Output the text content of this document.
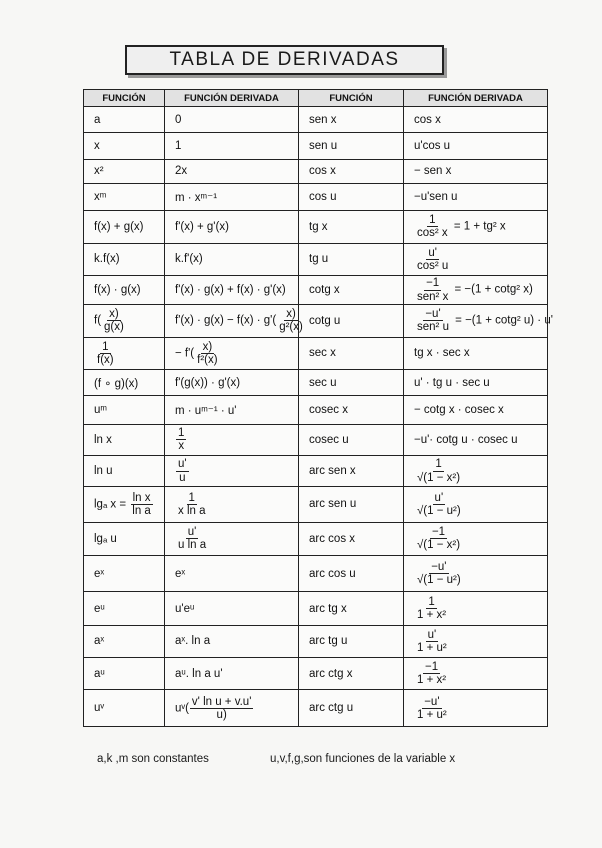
TABLA DE DERIVADAS
FUNCIÓN	FUNCIÓN DERIVADA	FUNCIÓN	FUNCIÓN DERIVADA
a	0	sen x	cos x
x	1	sen u	u'cos u
x²	2x	cos x	− sen x
xᵐ	m · xᵐ⁻¹	cos u	−u'sen u
f(x) + g(x)	f'(x) + g'(x)	tg x	$\frac{1}{\text{cos² x}} = 1 + tg^2$ x
k.f(x)	k.f'(x)	tg u	$\frac{u'}{\text{cos² u}}$

f(x) · g(x)	f'(x) · g(x) + f(x) · g'(x)	cotg x	$\frac{-1}{\text{sen² x}} = -(1 + \cot g^2$ x)
$f( \frac{x)}{g(x)}$	$f'(x) \cdot g(x) - f(x) \cdot g'( \frac{x)}{\text{g²(x)}}$	cotg u	$\frac{-u'}{\text{sen² u}} = -(1 + \cot g^2$ u) · u'

$\frac{1}{f(x)}$	− $f'( \frac{x)}{\text{f²(x)}}$	sec x	tg x · sec x
(f ∘ g)(x)	f'(g(x)) · g'(x)	sec u	u' · tg u · sec u
uᵐ	m · uᵐ⁻¹ · u'	cosec x	− cotg x · cosec x
ln x	$\frac{1}{x}$	cosec u	−u'· cotg u · cosec u
ln u	$\frac{u'}{u}$	arc sen x	$\frac{1}{\text{√(1 − x²)}}$

lgₐ $x = \frac{\text{ln x}}{\text{ln a}}$	$\frac{1}{\text{x ln a}}$	arc sen u	$\frac{u'}{\text{√(1 − u²)}}$

lgₐ u	$\frac{u'}{\text{u ln a}}$	arc cos x	$\frac{-1}{\text{√(1 − x²)}}$

eˣ	eˣ	arc cos u	$\frac{-u'}{\text{√(1 − u²)}}$

eᵘ	u'eᵘ	arc tg x	$\frac{1}{\text{1 + x²}}$

aˣ	aˣ. ln a	arc tg u	$\frac{u'}{\text{1 + u²}}$

aᵘ	aᵘ. ln a u'	arc ctg x	$\frac{-1}{\text{1 + x²}}$

uᵛ	uᵛ( $\frac{\text{v' ln u + v.u'}}{u)}$	arc ctg u	$\frac{-u'}{\text{1 + u²}}$
a,k ,m son constantes	u,v,f,g,son funciones de la variable x
